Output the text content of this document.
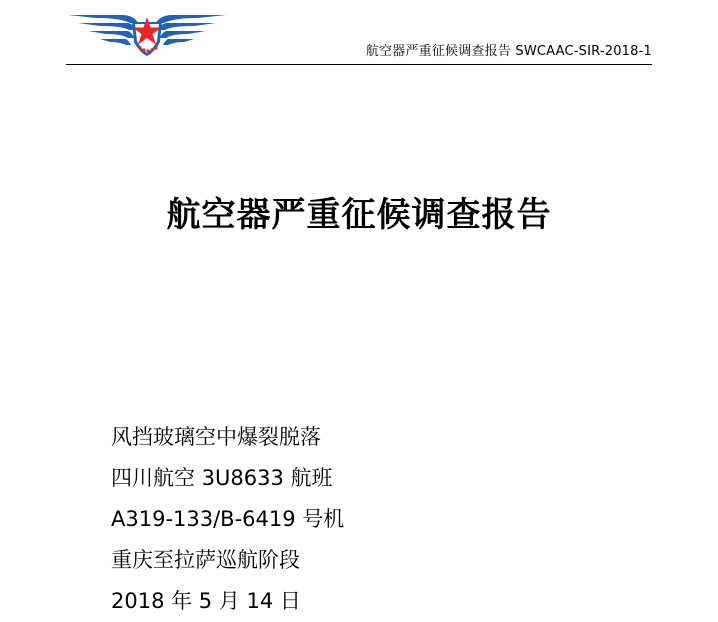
航空器严重征候调查报告 SWCAAC-SIR-2018-1
航空器严重征候调查报告
风挡玻璃空中爆裂脱落
四川航空 3U8633 航班
A319-133/B-6419 号机
重庆至拉萨巡航阶段
2018 年 5 月 14 日
